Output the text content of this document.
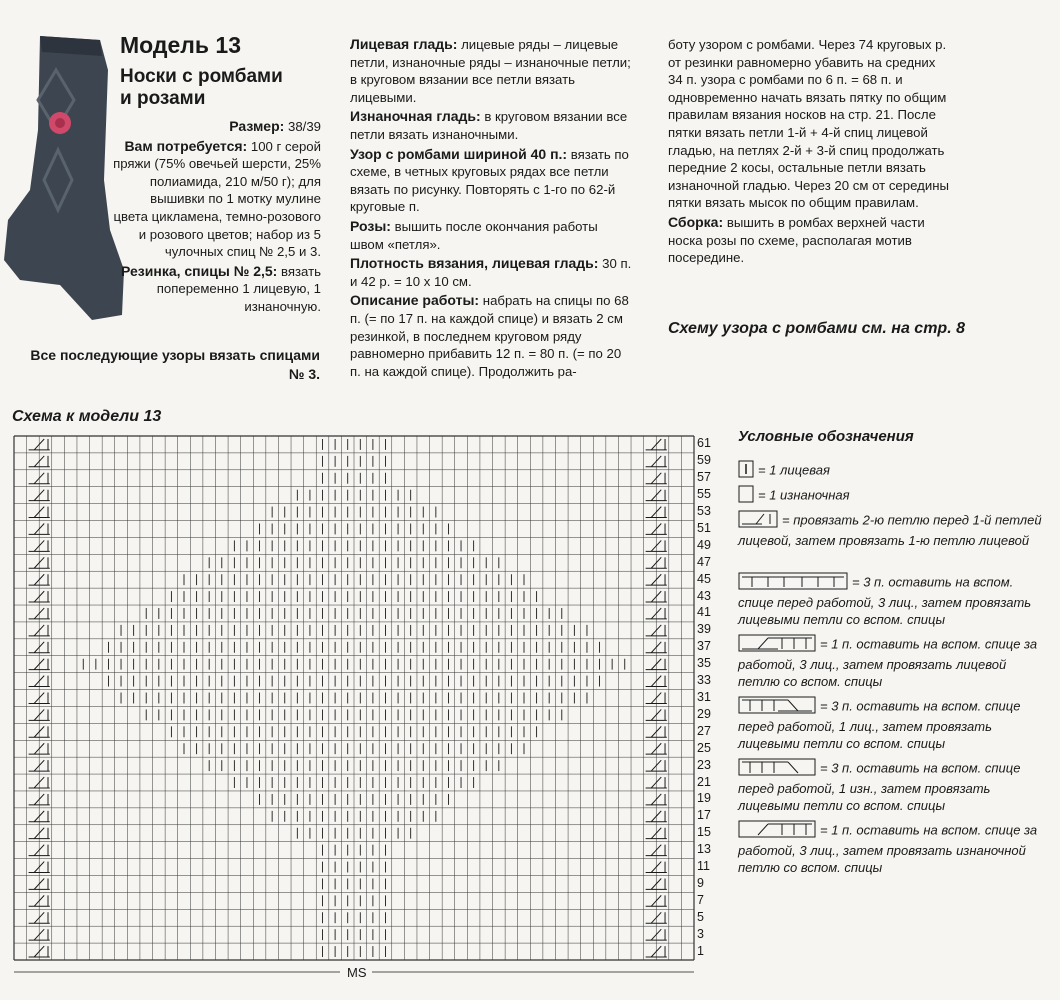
Модель 13
Носки с ромбами
и розами

Размер: 38/39

Вам потребуется: 100 г серой пряжи (75% овечьей шерсти, 25% полиамида, 210 м/50 г); для вышивки по 1 мотку мулине цвета цикламена, темно-розового и розового цветов; набор из 5 чулочных спиц № 2,5 и 3.

Резинка, спицы № 2,5: вязать попеременно 1 лицевую, 1 изнаночную.

Все последующие узоры вязать спицами № 3.

Лицевая гладь: лицевые ряды – лицевые петли, изнаночные ряды – изнаночные петли; в круговом вязании все петли вязать лицевыми.

Изнаночная гладь: в круговом вязании все петли вязать изнаночными.

Узор с ромбами шириной 40 п.: вязать по схеме, в четных круговых рядах все петли вязать по рисунку. Повторять с 1-го по 62-й круговые п.

Розы: вышить после окончания работы швом «петля».

Плотность вязания, лицевая гладь: 30 п. и 42 р. = 10 х 10 см.

Описание работы: набрать на спицы по 68 п. (= по 17 п. на каждой спице) и вязать 2 см резинкой, в последнем круговом ряду равномерно прибавить 12 п. = 80 п. (= по 20 п. на каждой спице). Продолжить ра-

боту узором с ромбами. Через 74 круговых р. от резинки равномерно убавить на средних 34 п. узора с ромбами по 6 п. = 68 п. и одновременно начать вязать пятку по общим правилам вязания носков на стр. 21. После пятки вязать петли 1-й + 4-й спиц лицевой гладью, на петлях 2-й + 3-й спиц продолжать передние 2 косы, остальные петли вязать изнаночной гладью. Через 20 см от середины пятки вязать мысок по общим правилам.

Сборка: вышить в ромбах верхней части носка розы по схеме, располагая мотив посередине.

Схему узора с ромбами см. на стр. 8
Схема к модели 13
61
59
57
55
53
51
49
47
45
43
41
39
37
35
33
31
29
27
25
23
21
19
17
15
13
11
9
7
5
3
1
MS
Условные обозначения
= 1 лицевая
= 1 изнаночная
= провязать 2-ю петлю перед 1-й петлей лицевой, затем провязать 1-ю петлю лицевой
= 3 п. оставить на вспом. спице перед работой, 3 лиц., затем провязать лицевыми петли со вспом. спицы
= 1 п. оставить на вспом. спице за работой, 3 лиц., затем провязать лицевой петлю со вспом. спицы
= 3 п. оставить на вспом. спице перед работой, 1 лиц., затем провязать лицевыми петли со вспом. спицы
= 3 п. оставить на вспом. спице перед работой, 1 изн., затем провязать лицевыми петли со вспом. спицы
= 1 п. оставить на вспом. спице за работой, 3 лиц., затем провязать изнаночной петлю со вспом. спицы
